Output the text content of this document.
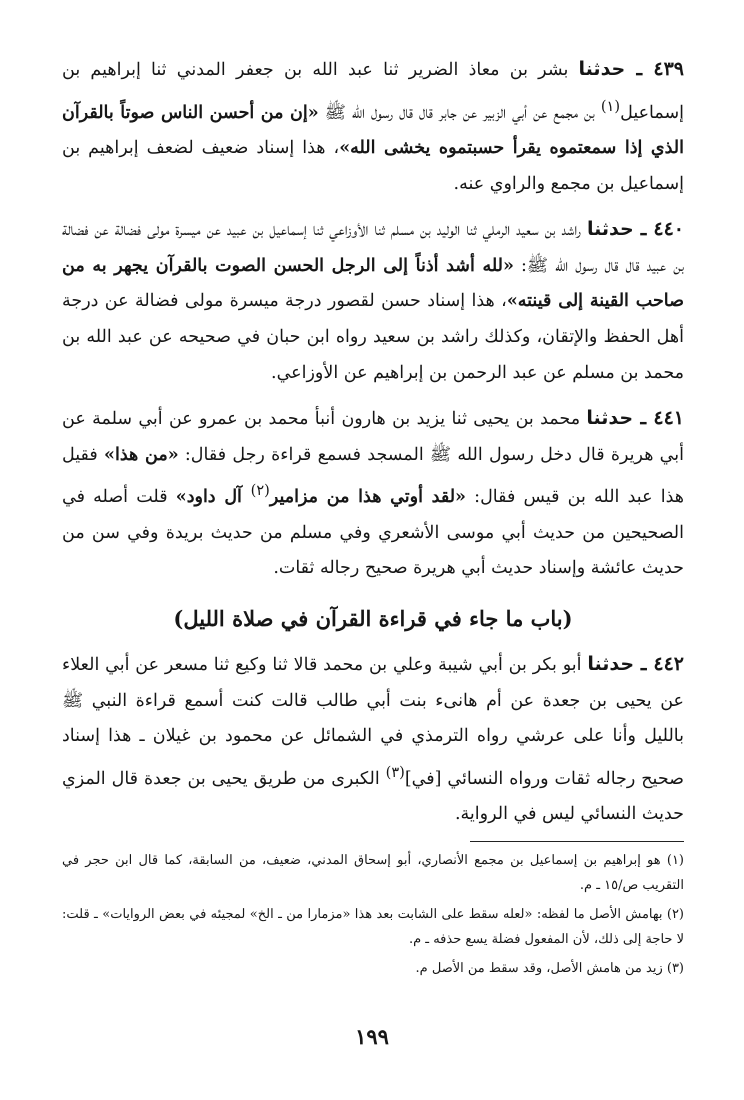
٤٣٩ ـ حدثنا بشر بن معاذ الضرير ثنا عبد الله بن جعفر المدني ثنا إبراهيم بن إسماعيل$^{(١)}$ بن مجمع عن أبي الزبير عن جابر قال قال رسول الله ﷺ «إن من أحسن الناس صوتاً بالقرآن الذي إذا سمعتموه يقرأ حسبتموه يخشى الله»، هذا إسناد ضعيف لضعف إبراهيم بن إسماعيل بن مجمع والراوي عنه.

٤٤٠ ـ حدثنا راشد بن سعيد الرملي ثنا الوليد بن مسلم ثنا الأوزاعي ثنا إسماعيل بن عبيد عن ميسرة مولى فضالة عن فضالة بن عبيد قال قال رسول الله ﷺ: «لله أشد أذناً إلى الرجل الحسن الصوت بالقرآن يجهر به من صاحب القينة إلى قينته»، هذا إسناد حسن لقصور درجة ميسرة مولى فضالة عن درجة أهل الحفظ والإتقان، وكذلك راشد بن سعيد رواه ابن حبان في صحيحه عن عبد الله بن محمد بن مسلم عن عبد الرحمن بن إبراهيم عن الأوزاعي.

٤٤١ ـ حدثنا محمد بن يحيى ثنا يزيد بن هارون أنبأ محمد بن عمرو عن أبي سلمة عن أبي هريرة قال دخل رسول الله ﷺ المسجد فسمع قراءة رجل فقال: «من هذا» فقيل هذا عبد الله بن قيس فقال: «لقد أوتي هذا من مزامير$^{(٢)}$ آل داود» قلت أصله في الصحيحين من حديث أبي موسى الأشعري وفي مسلم من حديث بريدة وفي سن من حديث عائشة وإسناد حديث أبي هريرة صحيح رجاله ثقات.

(باب ما جاء في قراءة القرآن في صلاة الليل)

٤٤٢ ـ حدثنا أبو بكر بن أبي شيبة وعلي بن محمد قالا ثنا وكيع ثنا مسعر عن أبي العلاء عن يحيى بن جعدة عن أم هانىء بنت أبي طالب قالت كنت أسمع قراءة النبي ﷺ بالليل وأنا على عرشي رواه الترمذي في الشمائل عن محمود بن غيلان ـ هذا إسناد صحيح رجاله ثقات ورواه النسائي [في]$^{(٣)}$ الكبرى من طريق يحيى بن جعدة قال المزي حديث النسائي ليس في الرواية.

(١) هو إبراهيم بن إسماعيل بن مجمع الأنصاري، أبو إسحاق المدني، ضعيف، من السابقة، كما قال ابن حجر في التقريب ص/١٥ ـ م.

(٢) بهامش الأصل ما لفظه: «لعله سقط على الشابت بعد هذا «مزمارا من ـ الخ» لمجيئه في بعض الروايات» ـ قلت: لا حاجة إلى ذلك، لأن المفعول فضلة يسع حذفه ـ م.

(٣) زيد من هامش الأصل، وقد سقط من الأصل م.

١٩٩
